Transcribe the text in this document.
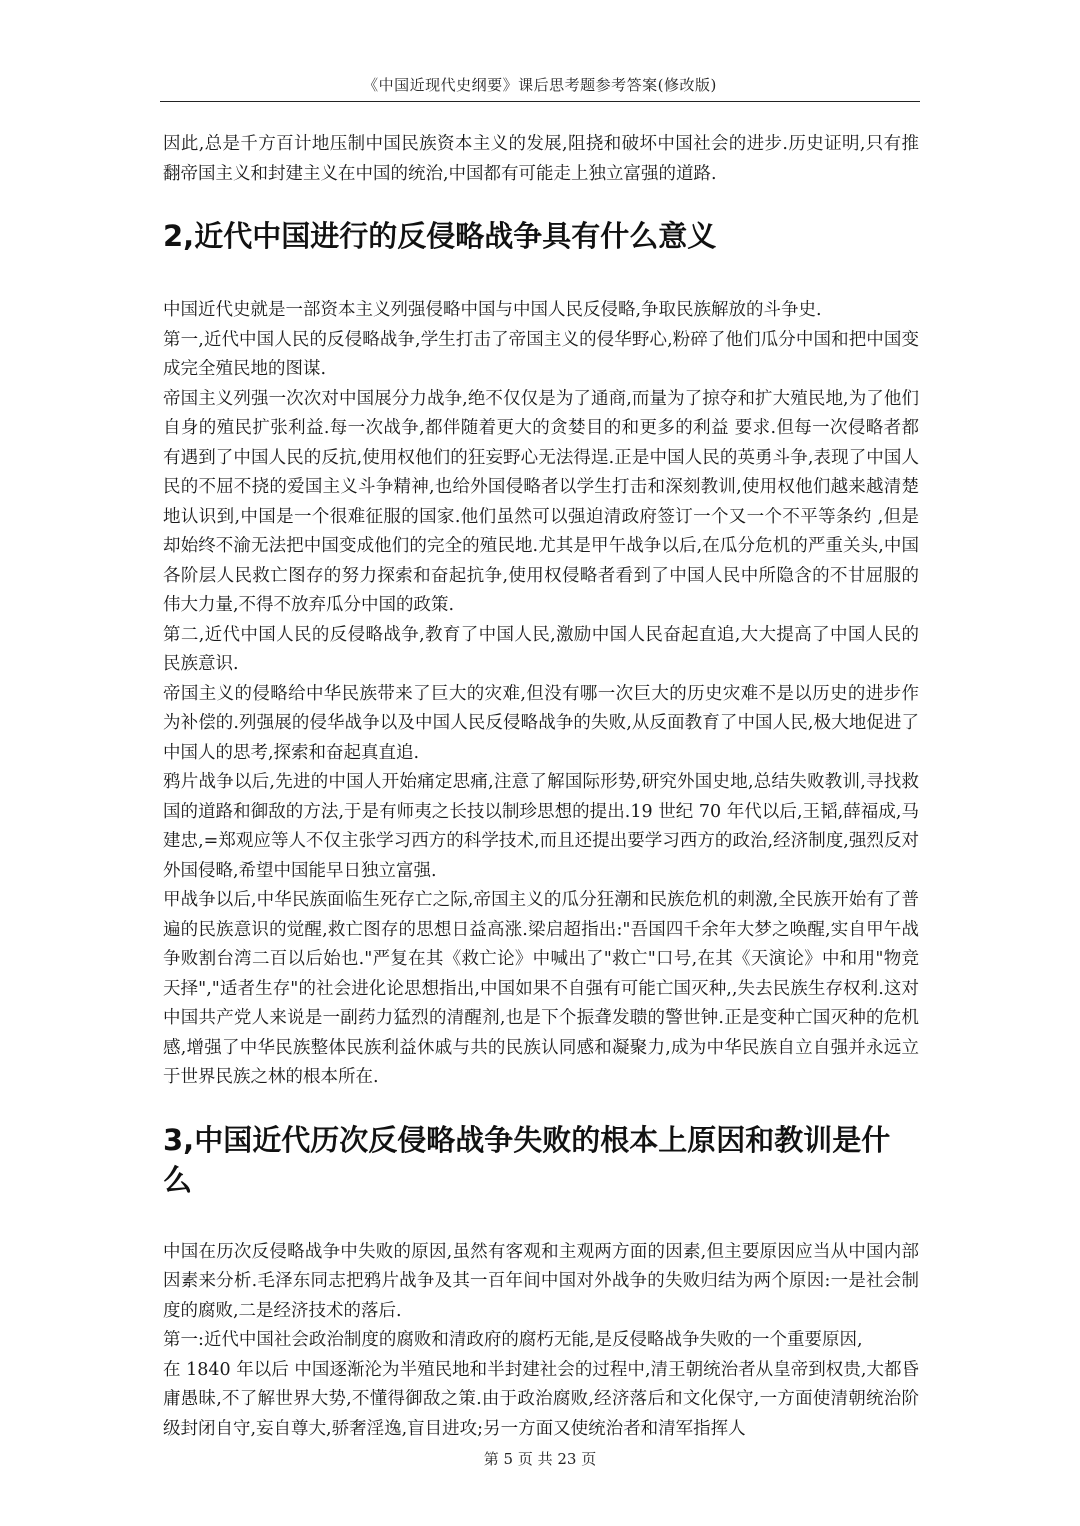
《中国近现代史纲要》课后思考题参考答案(修改版)

因此,总是千方百计地压制中国民族资本主义的发展,阻挠和破坏中国社会的进步.历史证明,只有推翻帝国主义和封建主义在中国的统治,中国都有可能走上独立富强的道路.

2,近代中国进行的反侵略战争具有什么意义

中国近代史就是一部资本主义列强侵略中国与中国人民反侵略,争取民族解放的斗争史.

第一,近代中国人民的反侵略战争,学生打击了帝国主义的侵华野心,粉碎了他们瓜分中国和把中国变成完全殖民地的图谋.

帝国主义列强一次次对中国展分力战争,绝不仅仅是为了通商,而量为了掠夺和扩大殖民地,为了他们自身的殖民扩张利益.每一次战争,都伴随着更大的贪婪目的和更多的利益 要求.但每一次侵略者都有遇到了中国人民的反抗,使用权他们的狂妄野心无法得逞.正是中国人民的英勇斗争,表现了中国人民的不屈不挠的爱国主义斗争精神,也给外国侵略者以学生打击和深刻教训,使用权他们越来越清楚地认识到,中国是一个很难征服的国家.他们虽然可以强迫清政府签订一个又一个不平等条约 ,但是却始终不渝无法把中国变成他们的完全的殖民地.尤其是甲午战争以后,在瓜分危机的严重关头,中国各阶层人民救亡图存的努力探索和奋起抗争,使用权侵略者看到了中国人民中所隐含的不甘屈服的伟大力量,不得不放弃瓜分中国的政策.

第二,近代中国人民的反侵略战争,教育了中国人民,激励中国人民奋起直追,大大提高了中国人民的民族意识.

帝国主义的侵略给中华民族带来了巨大的灾难,但没有哪一次巨大的历史灾难不是以历史的进步作为补偿的.列强展的侵华战争以及中国人民反侵略战争的失败,从反面教育了中国人民,极大地促进了中国人的思考,探索和奋起真直追.

鸦片战争以后,先进的中国人开始痛定思痛,注意了解国际形势,研究外国史地,总结失败教训,寻找救国的道路和御敌的方法,于是有师夷之长技以制珍思想的提出.19 世纪 70 年代以后,王韬,薛福成,马建忠,=郑观应等人不仅主张学习西方的科学技术,而且还提出要学习西方的政治,经济制度,强烈反对外国侵略,希望中国能早日独立富强.

甲战争以后,中华民族面临生死存亡之际,帝国主义的瓜分狂潮和民族危机的刺激,全民族开始有了普遍的民族意识的觉醒,救亡图存的思想日益高涨.梁启超指出:"吾国四千余年大梦之唤醒,实自甲午战争败割台湾二百以后始也."严复在其《救亡论》中喊出了"救亡"口号,在其《天演论》中和用"物竞天择","适者生存"的社会进化论思想指出,中国如果不自强有可能亡国灭种,,失去民族生存权利.这对中国共产党人来说是一副药力猛烈的清醒剂,也是下个振聋发聩的警世钟.正是变种亡国灭种的危机感,增强了中华民族整体民族利益休戚与共的民族认同感和凝聚力,成为中华民族自立自强并永远立于世界民族之林的根本所在.

3,中国近代历次反侵略战争失败的根本上原因和教训是什么

中国在历次反侵略战争中失败的原因,虽然有客观和主观两方面的因素,但主要原因应当从中国内部因素来分析.毛泽东同志把鸦片战争及其一百年间中国对外战争的失败归结为两个原因:一是社会制度的腐败,二是经济技术的落后.

第一:近代中国社会政治制度的腐败和清政府的腐朽无能,是反侵略战争失败的一个重要原因,

在 1840 年以后 中国逐渐沦为半殖民地和半封建社会的过程中,清王朝统治者从皇帝到权贵,大都昏庸愚昧,不了解世界大势,不懂得御敌之策.由于政治腐败,经济落后和文化保守,一方面使清朝统治阶级封闭自守,妄自尊大,骄奢淫逸,盲目进攻;另一方面又使统治者和清军指挥人

第 5 页 共 23 页
